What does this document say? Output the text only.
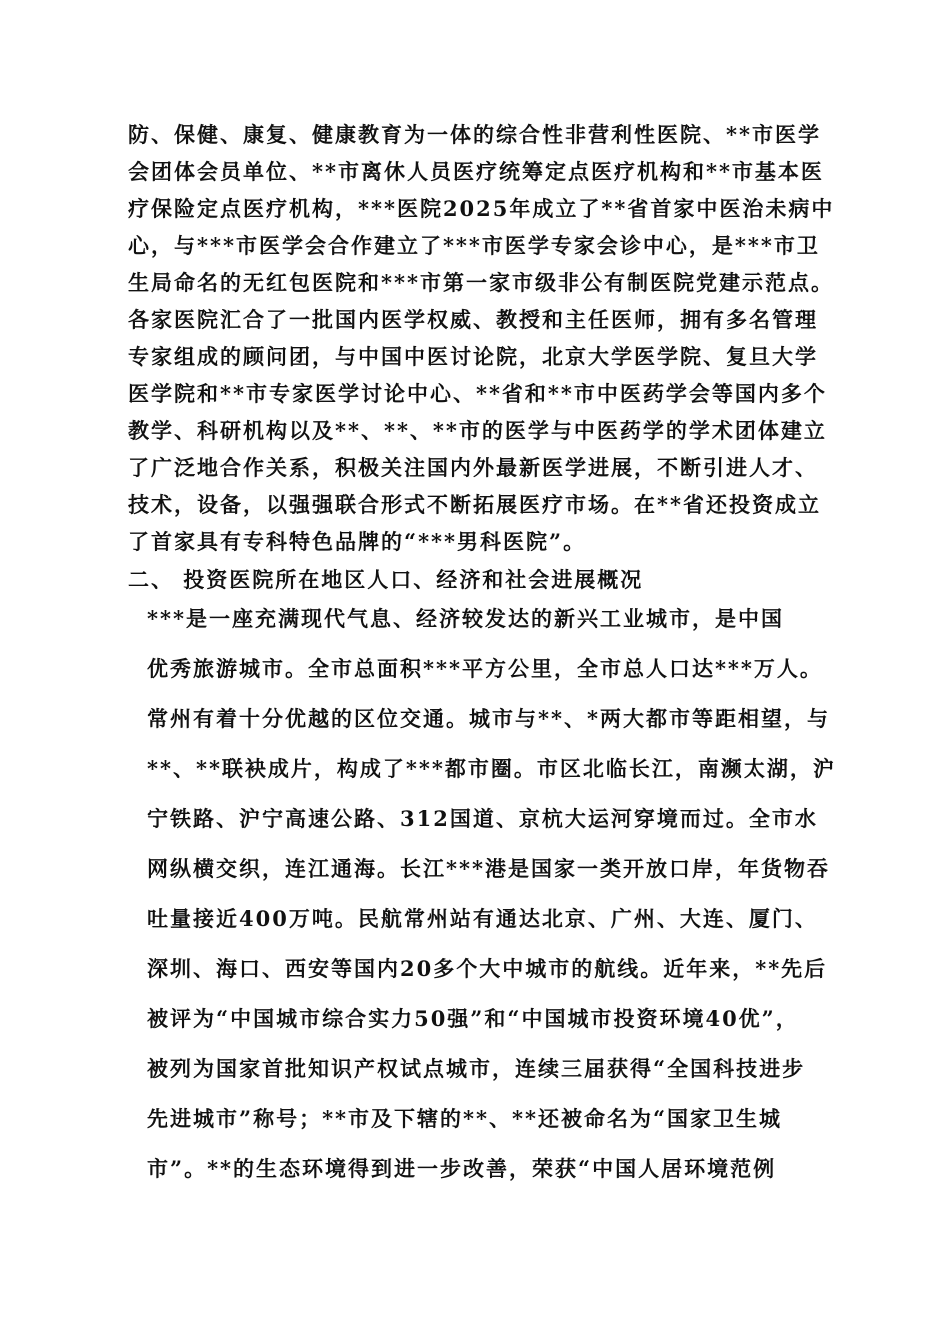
防、保健、康复、健康教育为一体的综合性非营利性医院、**市医学
会团体会员单位、**市离休人员医疗统筹定点医疗机构和**市基本医
疗保险定点医疗机构，***医院2025年成立了**省首家中医治未病中
心，与***市医学会合作建立了***市医学专家会诊中心，是***市卫
生局命名的无红包医院和***市第一家市级非公有制医院党建示范点。
各家医院汇合了一批国内医学权威、教授和主任医师，拥有多名管理
专家组成的顾问团，与中国中医讨论院，北京大学医学院、复旦大学
医学院和**市专家医学讨论中心、**省和**市中医药学会等国内多个
教学、科研机构以及**、**、**市的医学与中医药学的学术团体建立
了广泛地合作关系，积极关注国内外最新医学进展，不断引进人才、
技术，设备，以强强联合形式不断拓展医疗市场。在**省还投资成立
了首家具有专科特色品牌的“***男科医院”。
二、 投资医院所在地区人口、经济和社会进展概况
***是一座充满现代气息、经济较发达的新兴工业城市，是中国
优秀旅游城市。全市总面积***平方公里，全市总人口达***万人。
常州有着十分优越的区位交通。城市与**、*两大都市等距相望，与
**、**联袂成片，构成了***都市圈。市区北临长江，南濒太湖，沪
宁铁路、沪宁高速公路、312国道、京杭大运河穿境而过。全市水
网纵横交织，连江通海。长江***港是国家一类开放口岸，年货物吞
吐量接近400万吨。民航常州站有通达北京、广州、大连、厦门、
深圳、海口、西安等国内20多个大中城市的航线。近年来，**先后
被评为“中国城市综合实力50强”和“中国城市投资环境40优”，
被列为国家首批知识产权试点城市，连续三届获得“全国科技进步
先进城市”称号；**市及下辖的**、**还被命名为“国家卫生城
市”。**的生态环境得到进一步改善，荣获“中国人居环境范例
